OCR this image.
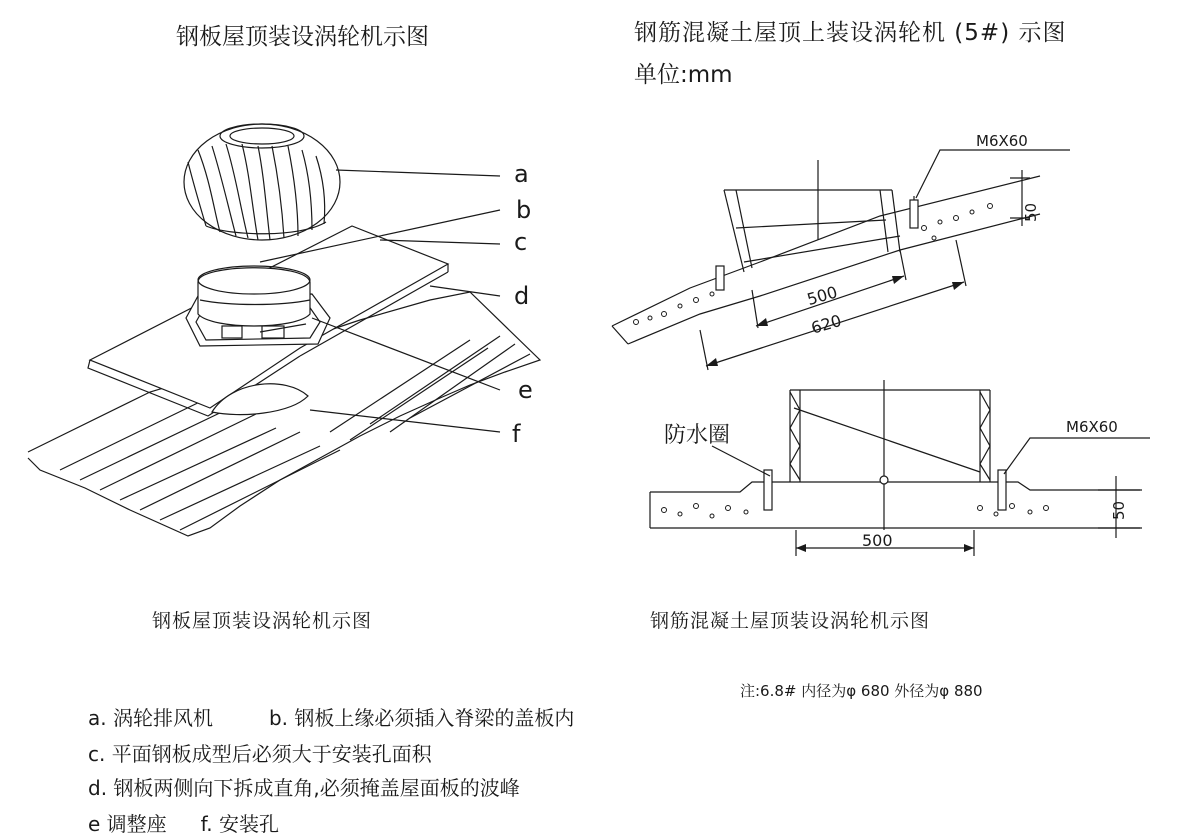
钢板屋顶装设涡轮机示图	钢筋混凝土屋顶上装设涡轮机 (5#) 示图
单位:mm
a
b
c
d
e
f
M6X60
M6X60
500
620
50
500
50
防水圈
钢板屋顶装设涡轮机示图	钢筋混凝土屋顶装设涡轮机示图
注:6.8# 内径为φ 680 外径为φ 880
a. 涡轮排风机	b. 钢板上缘必须插入脊梁的盖板内
c. 平面钢板成型后必须大于安装孔面积
d. 钢板两侧向下拆成直角,必须掩盖屋面板的波峰
e 调整座 f. 安装孔
